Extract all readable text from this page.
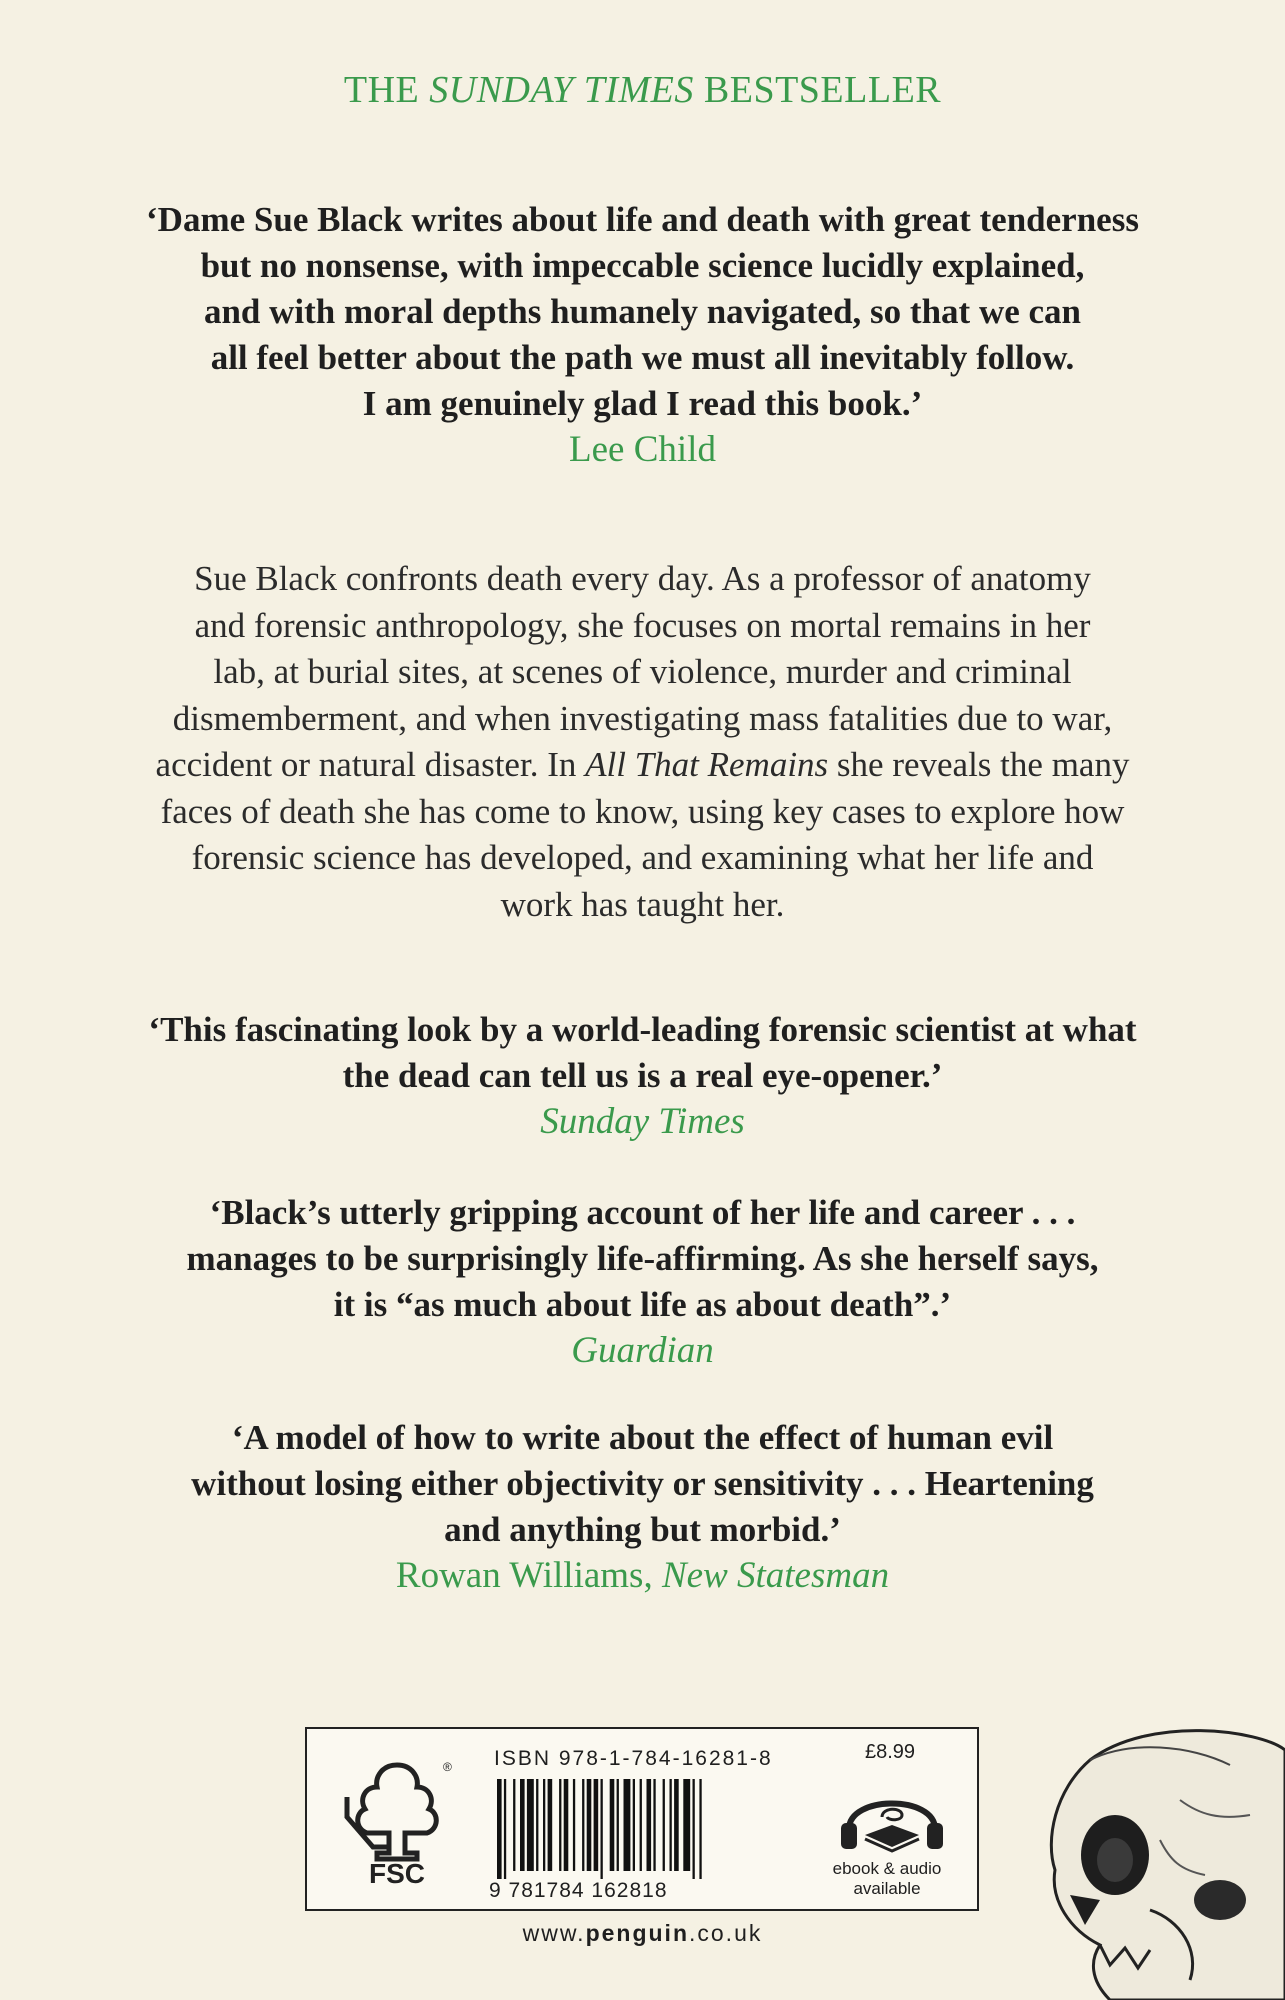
THE SUNDAY TIMES BESTSELLER
‘Dame Sue Black writes about life and death with great tenderness
but no nonsense, with impeccable science lucidly explained,
and with moral depths humanely navigated, so that we can
all feel better about the path we must all inevitably follow.
I am genuinely glad I read this book.’
Lee Child
Sue Black confronts death every day. As a professor of anatomy
and forensic anthropology, she focuses on mortal remains in her
lab, at burial sites, at scenes of violence, murder and criminal
dismemberment, and when investigating mass fatalities due to war,
accident or natural disaster. In All That Remains she reveals the many
faces of death she has come to know, using key cases to explore how
forensic science has developed, and examining what her life and
work has taught her.
‘This fascinating look by a world-leading forensic scientist at what
the dead can tell us is a real eye-opener.’
Sunday Times
‘Black’s utterly gripping account of her life and career . . .
manages to be surprisingly life-affirming. As she herself says,
it is “as much about life as about death”.’
Guardian
‘A model of how to write about the effect of human evil
without losing either objectivity or sensitivity . . . Heartening
and anything but morbid.’
Rowan Williams, New Statesman
FSC
® ISBN 978-1-784-16281-8
9 781784 162818
£8.99
ebook & audio
available
www.penguin.co.uk
